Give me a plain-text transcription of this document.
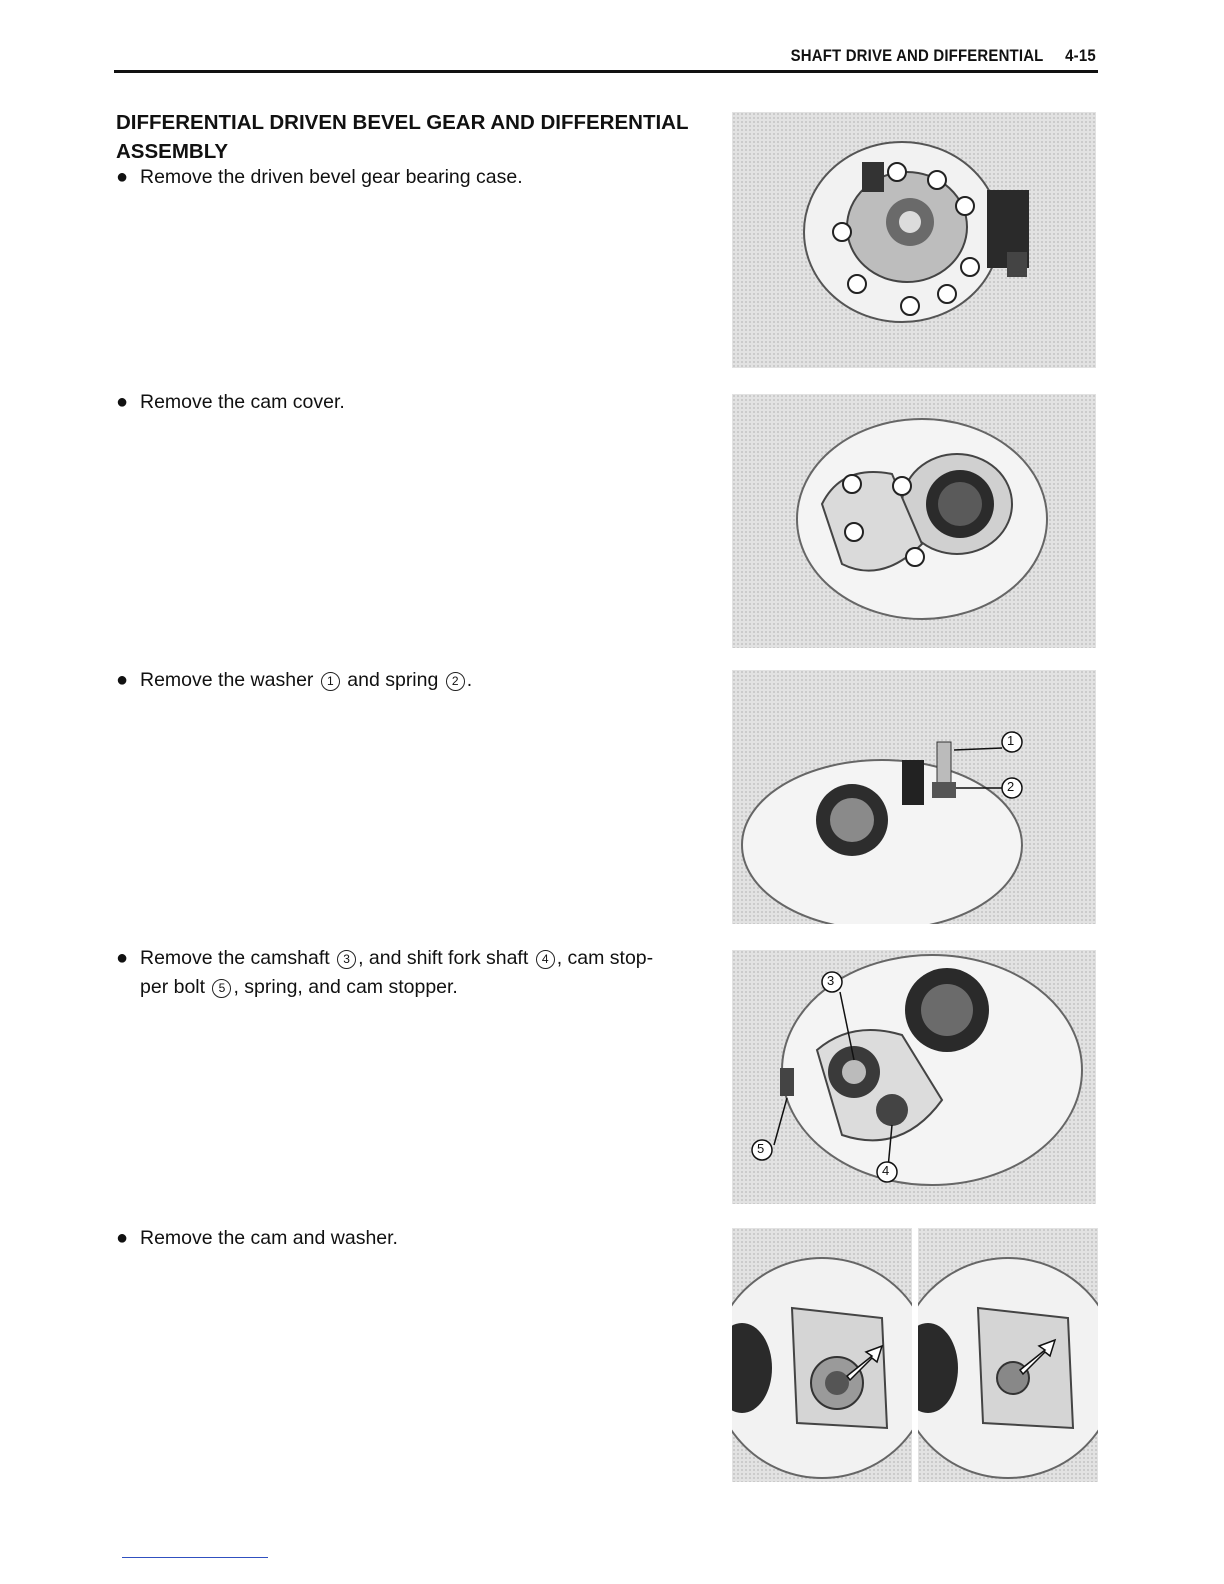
SHAFT DRIVE AND DIFFERENTIAL 4-15
DIFFERENTIAL DRIVEN BEVEL GEAR AND DIFFERENTIAL
ASSEMBLY
● Remove the driven bevel gear bearing case.
● Remove the cam cover.
● Remove the washer 1 and spring 2 .
● Remove the camshaft 3 , and shift fork shaft 4 , cam stop-
per bolt 5 , spring, and cam stopper.
● Remove the cam and washer.
1
2
3
5
4
